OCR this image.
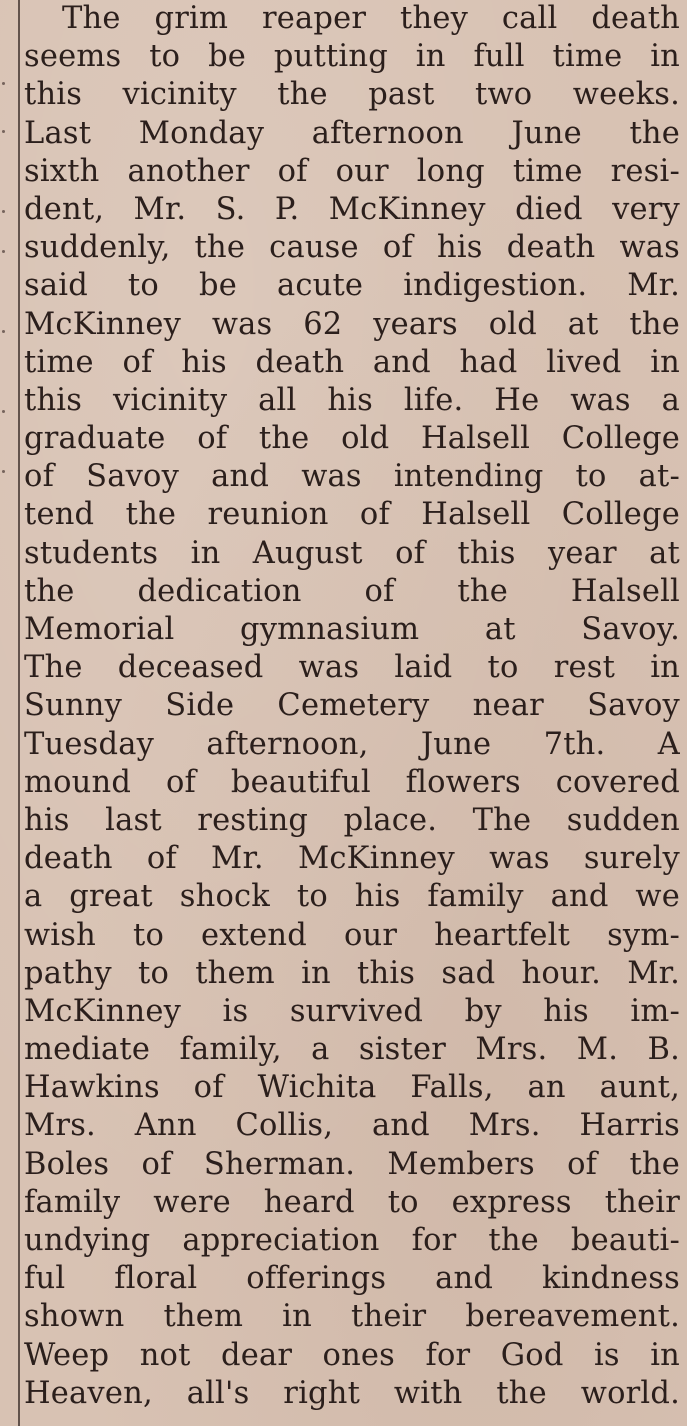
The grim reaper they call death
seems to be putting in full time in
this vicinity the past two weeks.
Last Monday afternoon June the
sixth another of our long time resi-
dent, Mr. S. P. McKinney died very
suddenly, the cause of his death was
said to be acute indigestion. Mr.
McKinney was 62 years old at the
time of his death and had lived in
this vicinity all his life. He was a
graduate of the old Halsell College
of Savoy and was intending to at-
tend the reunion of Halsell College
students in August of this year at
the dedication of the Halsell
Memorial gymnasium at Savoy.
The deceased was laid to rest in
Sunny Side Cemetery near Savoy
Tuesday afternoon, June 7th. A
mound of beautiful flowers covered
his last resting place. The sudden
death of Mr. McKinney was surely
a great shock to his family and we
wish to extend our heartfelt sym-
pathy to them in this sad hour. Mr.
McKinney is survived by his im-
mediate family, a sister Mrs. M. B.
Hawkins of Wichita Falls, an aunt,
Mrs. Ann Collis, and Mrs. Harris
Boles of Sherman. Members of the
family were heard to express their
undying appreciation for the beauti-
ful floral offerings and kindness
shown them in their bereavement.
Weep not dear ones for God is in
Heaven, all's right with the world.
